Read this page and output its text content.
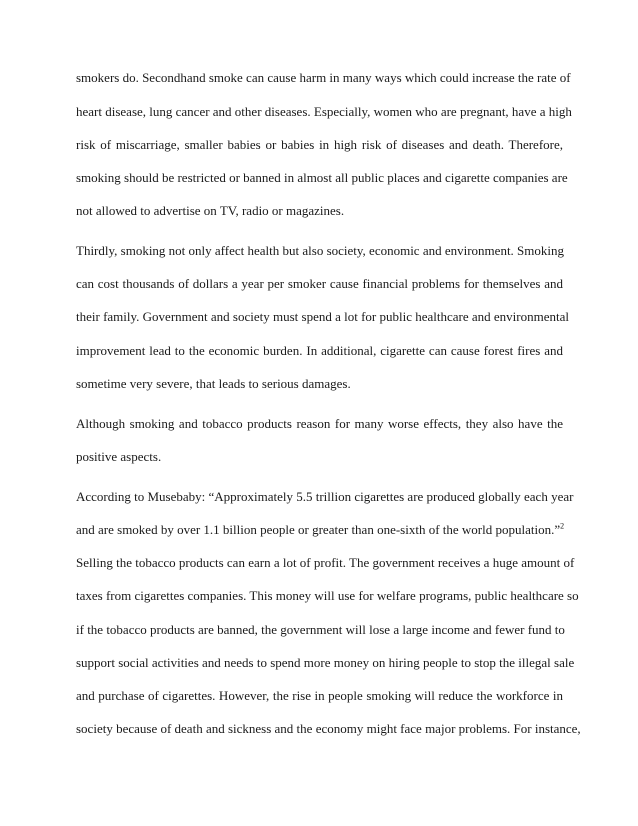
smokers do. Secondhand smoke can cause harm in many ways which could increase the rate of
heart disease, lung cancer and other diseases. Especially, women who are pregnant, have a high
risk of miscarriage, smaller babies or babies in high risk of diseases and death. Therefore,
smoking should be restricted or banned in almost all public places and cigarette companies are
not allowed to advertise on TV, radio or magazines.
Thirdly, smoking not only affect health but also society, economic and environment. Smoking
can cost thousands of dollars a year per smoker cause financial problems for themselves and
their family. Government and society must spend a lot for public healthcare and environmental
improvement lead to the economic burden. In additional, cigarette can cause forest fires and
sometime very severe, that leads to serious damages.
Although smoking and tobacco products reason for many worse effects, they also have the
positive aspects.
According to Musebaby: “Approximately 5.5 trillion cigarettes are produced globally each year
and are smoked by over 1.1 billion people or greater than one-sixth of the world population.”$^2$
Selling the tobacco products can earn a lot of profit. The government receives a huge amount of
taxes from cigarettes companies. This money will use for welfare programs, public healthcare so
if the tobacco products are banned, the government will lose a large income and fewer fund to
support social activities and needs to spend more money on hiring people to stop the illegal sale
and purchase of cigarettes. However, the rise in people smoking will reduce the workforce in
society because of death and sickness and the economy might face major problems. For instance,
